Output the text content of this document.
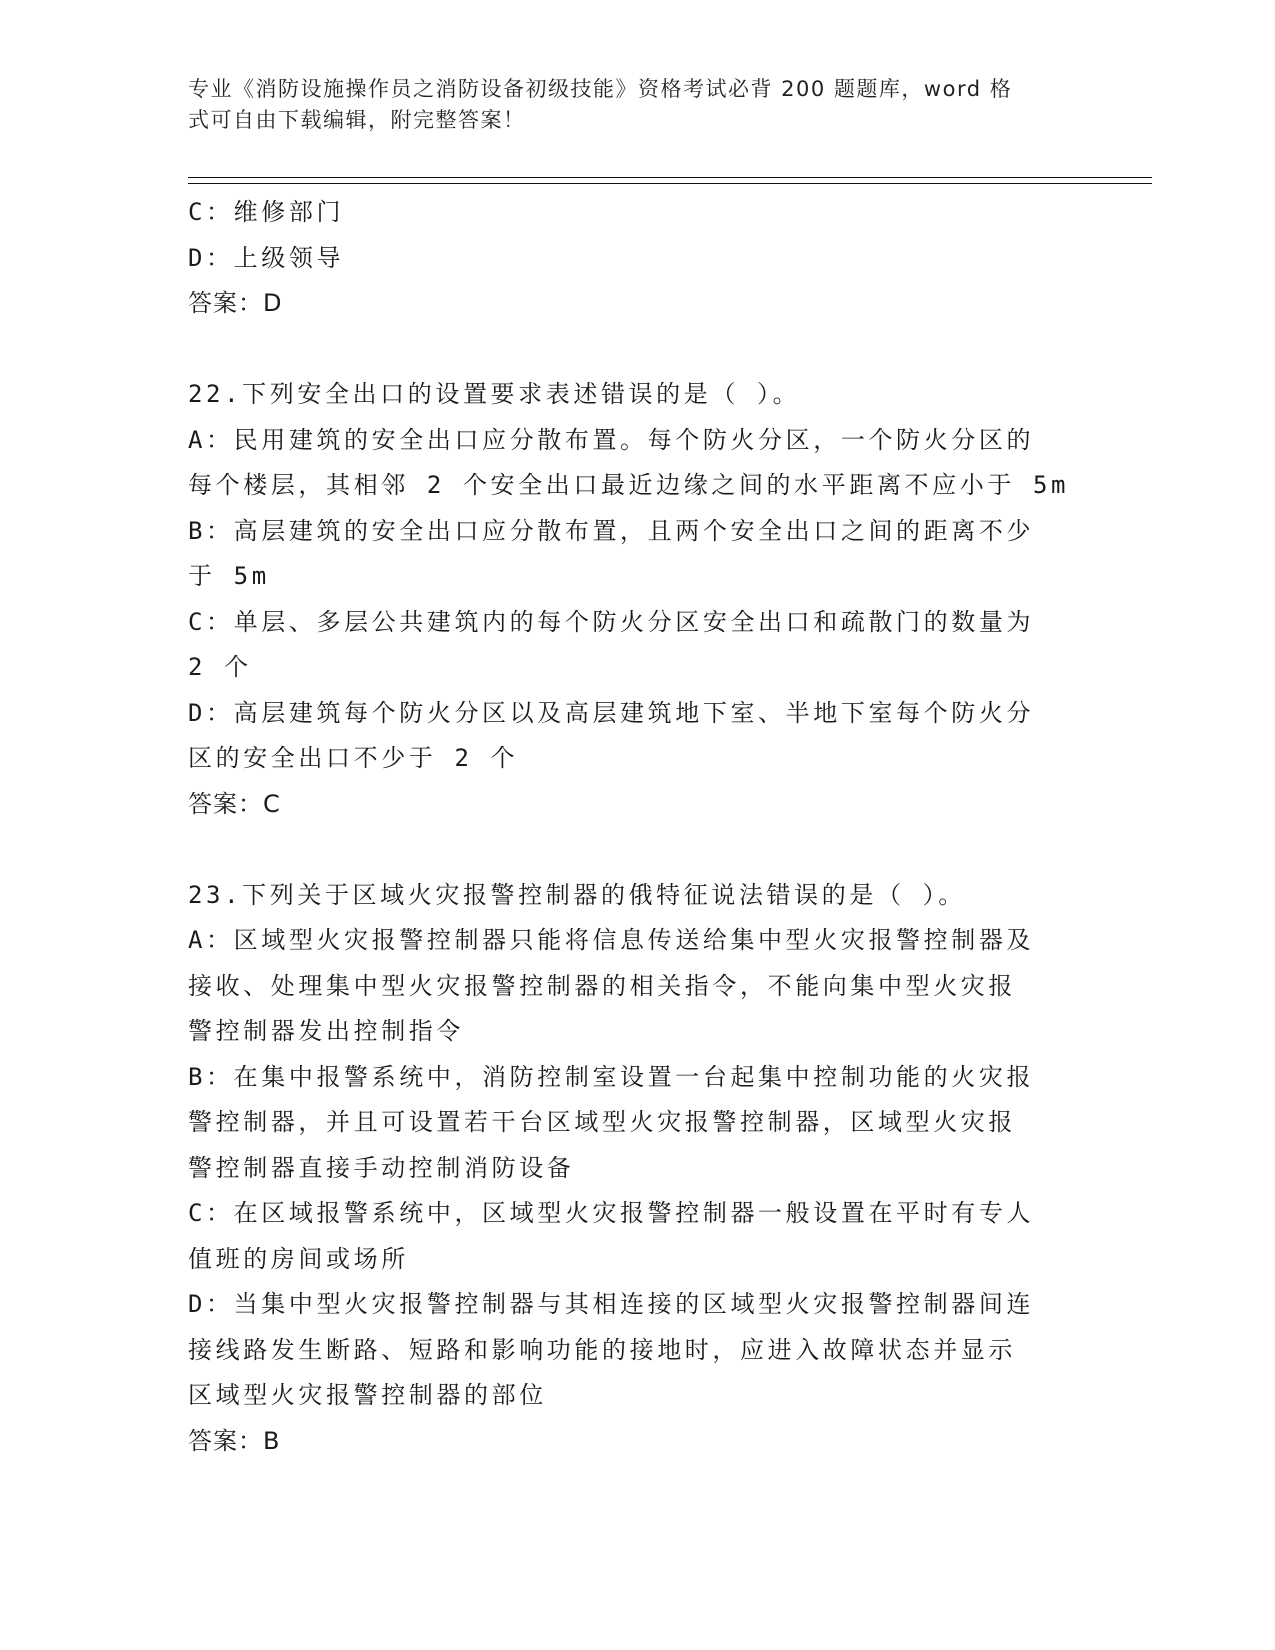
专业《消防设施操作员之消防设备初级技能》资格考试必背 200 题题库，word 格
式可自由下载编辑，附完整答案！
C：维修部门
D：上级领导
答案：D
22.下列安全出口的设置要求表述错误的是（ ）。
A：民用建筑的安全出口应分散布置。每个防火分区，一个防火分区的
每个楼层，其相邻 2 个安全出口最近边缘之间的水平距离不应小于 5m
B：高层建筑的安全出口应分散布置，且两个安全出口之间的距离不少
于 5m
C：单层、多层公共建筑内的每个防火分区安全出口和疏散门的数量为
2 个
D：高层建筑每个防火分区以及高层建筑地下室、半地下室每个防火分
区的安全出口不少于 2 个
答案：C
23.下列关于区域火灾报警控制器的俄特征说法错误的是（ ）。
A：区域型火灾报警控制器只能将信息传送给集中型火灾报警控制器及
接收、处理集中型火灾报警控制器的相关指令，不能向集中型火灾报
警控制器发出控制指令
B：在集中报警系统中，消防控制室设置一台起集中控制功能的火灾报
警控制器，并且可设置若干台区域型火灾报警控制器，区域型火灾报
警控制器直接手动控制消防设备
C：在区域报警系统中，区域型火灾报警控制器一般设置在平时有专人
值班的房间或场所
D：当集中型火灾报警控制器与其相连接的区域型火灾报警控制器间连
接线路发生断路、短路和影响功能的接地时，应进入故障状态并显示
区域型火灾报警控制器的部位
答案：B
